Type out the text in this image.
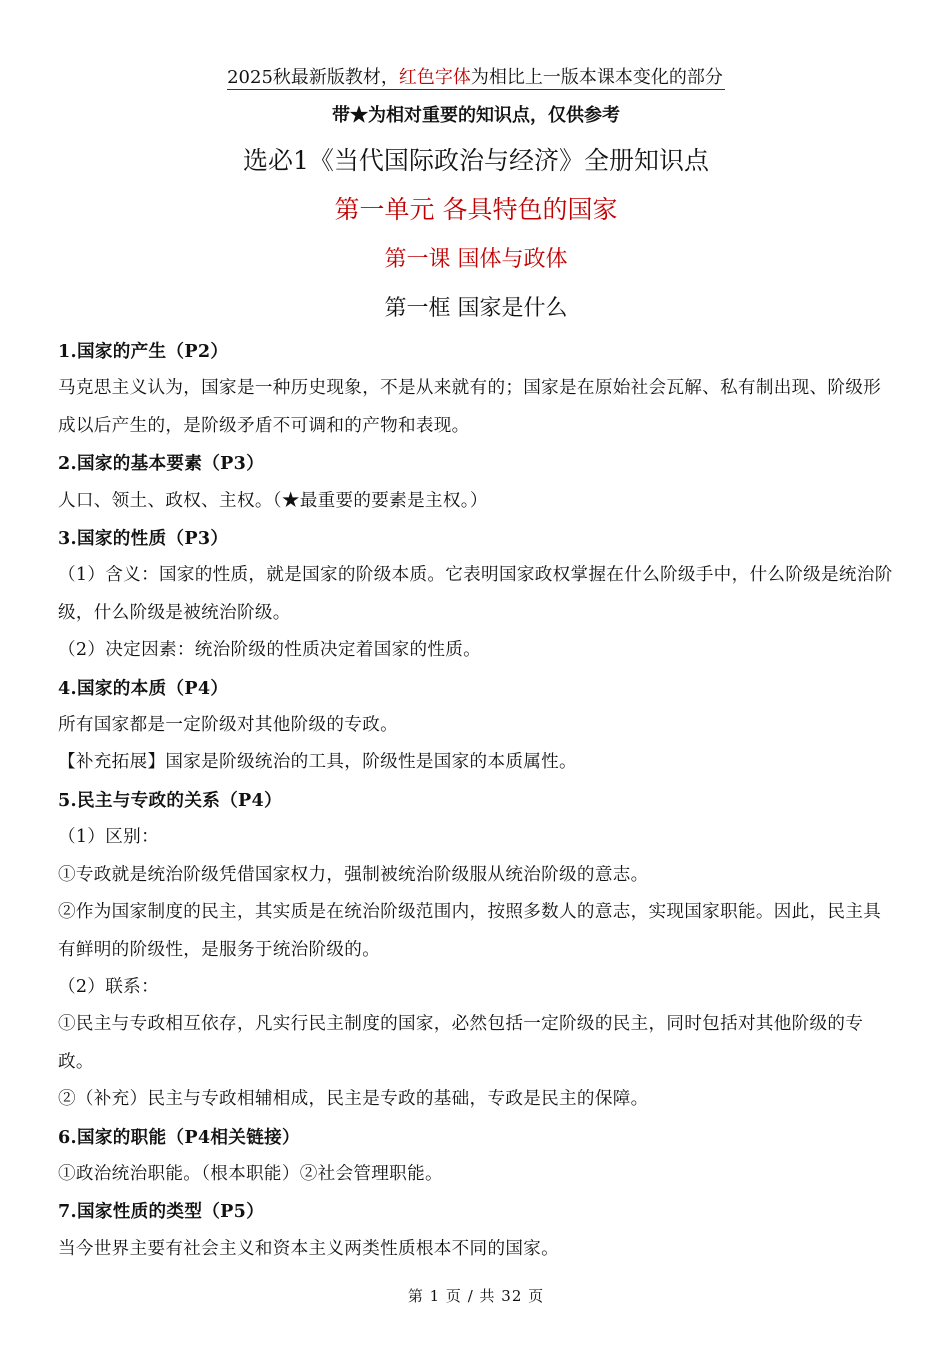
2025秋最新版教材，红色字体为相比上一版本课本变化的部分
带★为相对重要的知识点，仅供参考
选必1《当代国际政治与经济》全册知识点
第一单元 各具特色的国家
第一课 国体与政体
第一框 国家是什么

1.国家的产生（P2）

马克思主义认为，国家是一种历史现象，不是从来就有的；国家是在原始社会瓦解、私有制出现、阶级形成以后产生的，是阶级矛盾不可调和的产物和表现。

2.国家的基本要素（P3）

人口、领土、政权、主权。（★最重要的要素是主权。）

3.国家的性质（P3）

（1）含义：国家的性质，就是国家的阶级本质。它表明国家政权掌握在什么阶级手中，什么阶级是统治阶级，什么阶级是被统治阶级。

（2）决定因素：统治阶级的性质决定着国家的性质。

4.国家的本质（P4）

所有国家都是一定阶级对其他阶级的专政。

【补充拓展】国家是阶级统治的工具，阶级性是国家的本质属性。

5.民主与专政的关系（P4）

（1）区别：

①专政就是统治阶级凭借国家权力，强制被统治阶级服从统治阶级的意志。

②作为国家制度的民主，其实质是在统治阶级范围内，按照多数人的意志，实现国家职能。因此，民主具有鲜明的阶级性，是服务于统治阶级的。

（2）联系：

①民主与专政相互依存，凡实行民主制度的国家，必然包括一定阶级的民主，同时包括对其他阶级的专政。

②（补充）民主与专政相辅相成，民主是专政的基础，专政是民主的保障。

6.国家的职能（P4相关链接）

①政治统治职能。（根本职能）②社会管理职能。

7.国家性质的类型（P5）

当今世界主要有社会主义和资本主义两类性质根本不同的国家。

第 1 页 / 共 32 页
